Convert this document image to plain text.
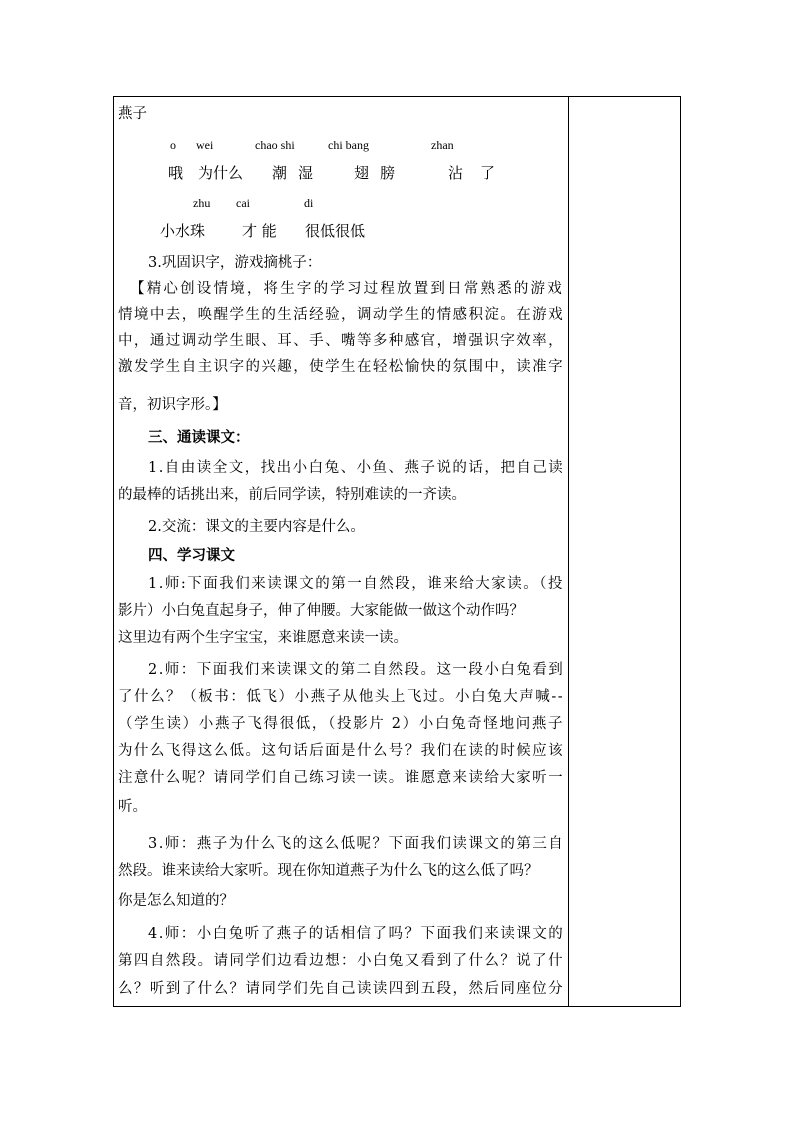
燕子
o wei	chao shi	chi bang	zhan
哦 为什么 潮 湿	翅 膀	沾 了
zhu cai	di
小水珠 才 能 很低很低
3.巩固识字，游戏摘桃子：
【精心创设情境，将生字的学习过程放置到日常熟悉的游戏
情境中去，唤醒学生的生活经验，调动学生的情感积淀。在游戏
中，通过调动学生眼、耳、手、嘴等多种感官，增强识字效率，
激发学生自主识字的兴趣，使学生在轻松愉快的氛围中，读准字
音，初识字形。】
三、通读课文：
1.自由读全文，找出小白兔、小鱼、燕子说的话，把自己读
的最棒的话挑出来，前后同学读，特别难读的一齐读。
2.交流：课文的主要内容是什么。
四、学习课文
1.师:下面我们来读课文的第一自然段，谁来给大家读。（投
影片）小白兔直起身子，伸了伸腰。大家能做一做这个动作吗？
这里边有两个生字宝宝，来谁愿意来读一读。
2.师：下面我们来读课文的第二自然段。这一段小白兔看到
了什么？（板书：低飞）小燕子从他头上飞过。小白兔大声喊--
（学生读）小燕子飞得很低，（投影片 2）小白兔奇怪地问燕子
为什么飞得这么低。这句话后面是什么号？我们在读的时候应该
注意什么呢？请同学们自己练习读一读。谁愿意来读给大家听一
听。
3.师：燕子为什么飞的这么低呢？下面我们读课文的第三自
然段。谁来读给大家听。现在你知道燕子为什么飞的这么低了吗？
你是怎么知道的？
4.师：小白兔听了燕子的话相信了吗？下面我们来读课文的
第四自然段。请同学们边看边想：小白兔又看到了什么？说了什
么？听到了什么？请同学们先自己读读四到五段，然后同座位分
